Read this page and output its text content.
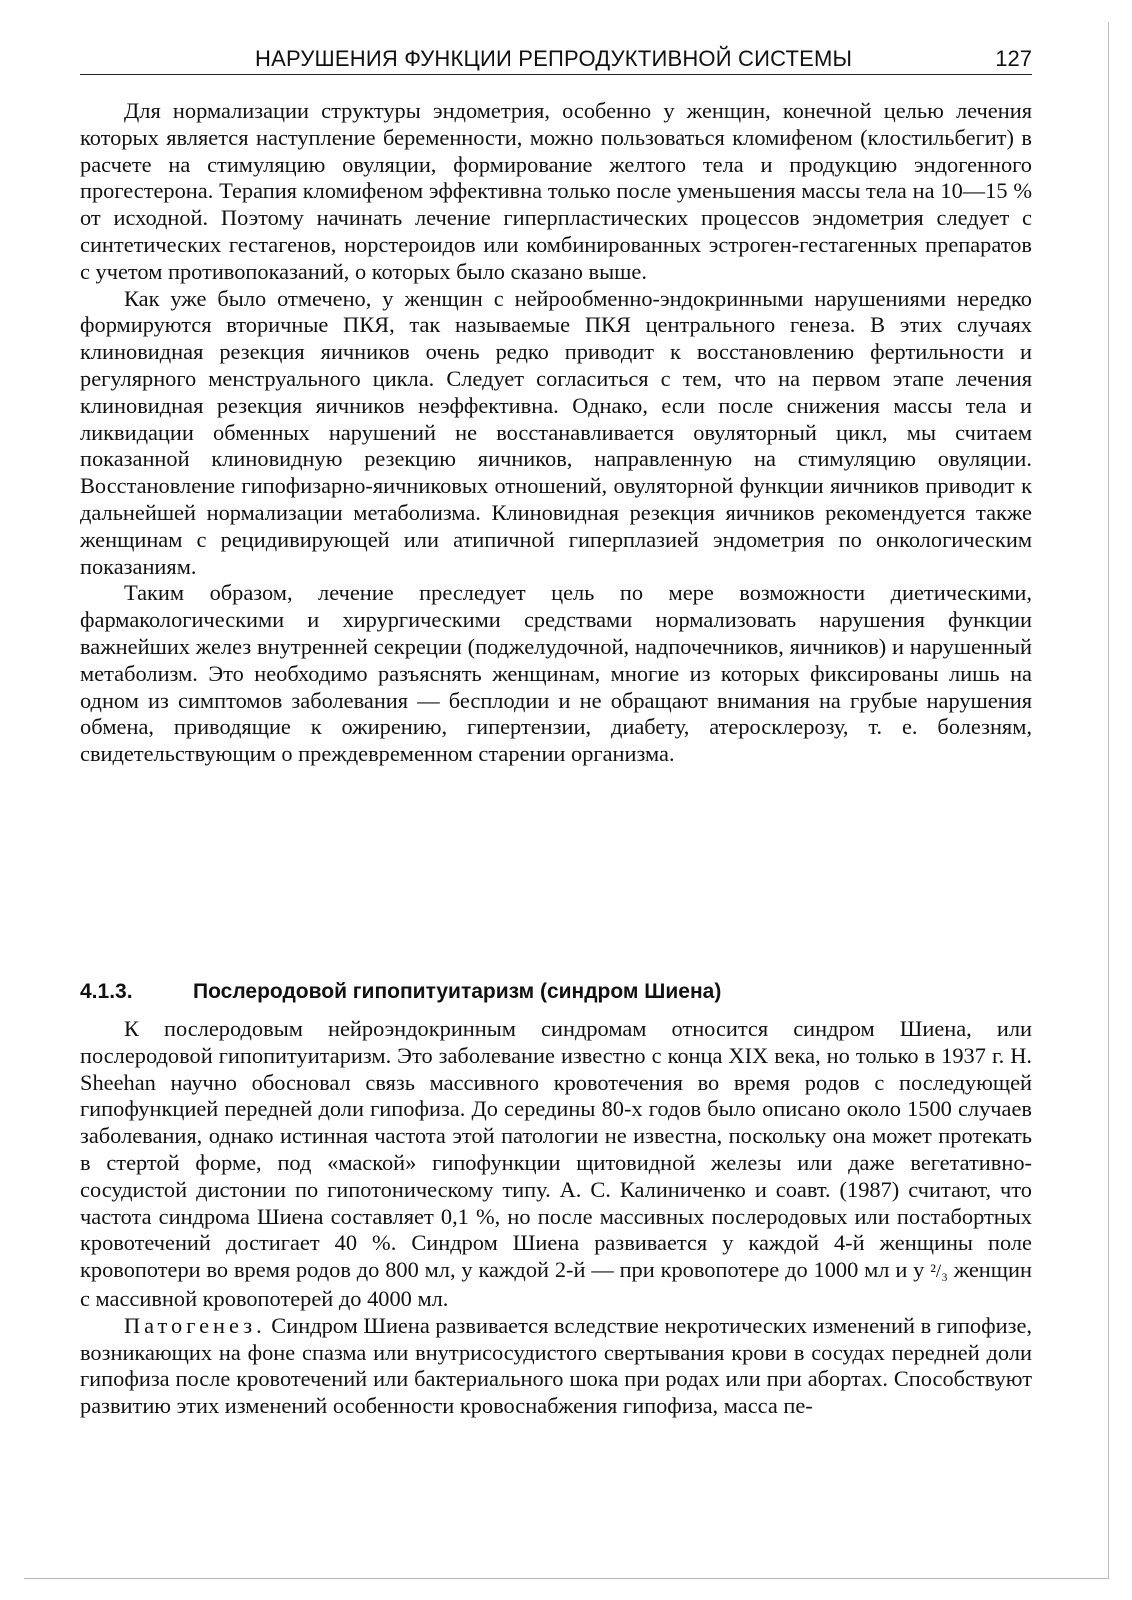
НАРУШЕНИЯ ФУНКЦИИ РЕПРОДУКТИВНОЙ СИСТЕМЫ	127

Для нормализации структуры эндометрия, особенно у женщин, конечной целью лечения которых является наступление беременности, можно пользоваться кломифеном (клостильбегит) в расчете на стимуляцию овуляции, формирование желтого тела и продукцию эндогенного прогестерона. Терапия кломифеном эффективна только после уменьшения массы тела на 10—15 % от исходной. Поэтому начинать лечение гиперпластических процессов эндометрия следует с синтетических гестагенов, норстероидов или комбинированных эстроген-гестагенных препаратов с учетом противопоказаний, о которых было сказано выше.

Как уже было отмечено, у женщин с нейрообменно-эндокринными нарушениями нередко формируются вторичные ПКЯ, так называемые ПКЯ центрального генеза. В этих случаях клиновидная резекция яичников очень редко приводит к восстановлению фертильности и регулярного менструального цикла. Следует согласиться с тем, что на первом этапе лечения клиновидная резекция яичников неэффективна. Однако, если после снижения массы тела и ликвидации обменных нарушений не восстанавливается овуляторный цикл, мы считаем показанной клиновидную резекцию яичников, направленную на стимуляцию овуляции. Восстановление гипофизарно-яичниковых отношений, овуляторной функции яичников приводит к дальнейшей нормализации метаболизма. Клиновидная резекция яичников рекомендуется также женщинам с рецидивирующей или атипичной гиперплазией эндометрия по онкологическим показаниям.

Таким образом, лечение преследует цель по мере возможности диетическими, фармакологическими и хирургическими средствами нормализовать нарушения функции важнейших желез внутренней секреции (поджелудочной, надпочечников, яичников) и нарушенный метаболизм. Это необходимо разъяснять женщинам, многие из которых фиксированы лишь на одном из симптомов заболевания — бесплодии и не обращают внимания на грубые нарушения обмена, приводящие к ожирению, гипертензии, диабету, атеросклерозу, т. е. болезням, свидетельствующим о преждевременном старении организма.

4.1.3.	Послеродовой гипопитуитаризм (синдром Шиена)

К послеродовым нейроэндокринным синдромам относится синдром Шиена, или послеродовой гипопитуитаризм. Это заболевание известно с конца XIX века, но только в 1937 г. H. Sheehan научно обосновал связь массивного кровотечения во время родов с последующей гипофункцией передней доли гипофиза. До середины 80-х годов было описано около 1500 случаев заболевания, однако истинная частота этой патологии не известна, поскольку она может протекать в стертой форме, под «маской» гипофункции щитовидной железы или даже вегетативно-сосудистой дистонии по гипотоническому типу. А. С. Калиниченко и соавт. (1987) считают, что частота синдрома Шиена составляет 0,1 %, но после массивных послеродовых или постабортных кровотечений достигает 40 %. Синдром Шиена развивается у каждой 4-й женщины поле кровопотери во время родов до 800 мл, у каждой 2-й — при кровопотере до 1000 мл и у ²/₃ женщин с массивной кровопотерей до 4000 мл.

Патогенез. Синдром Шиена развивается вследствие некротических изменений в гипофизе, возникающих на фоне спазма или внутрисосудистого свертывания крови в сосудах передней доли гипофиза после кровотечений или бактериального шока при родах или при абортах. Способствуют развитию этих изменений особенности кровоснабжения гипофиза, масса пе-
